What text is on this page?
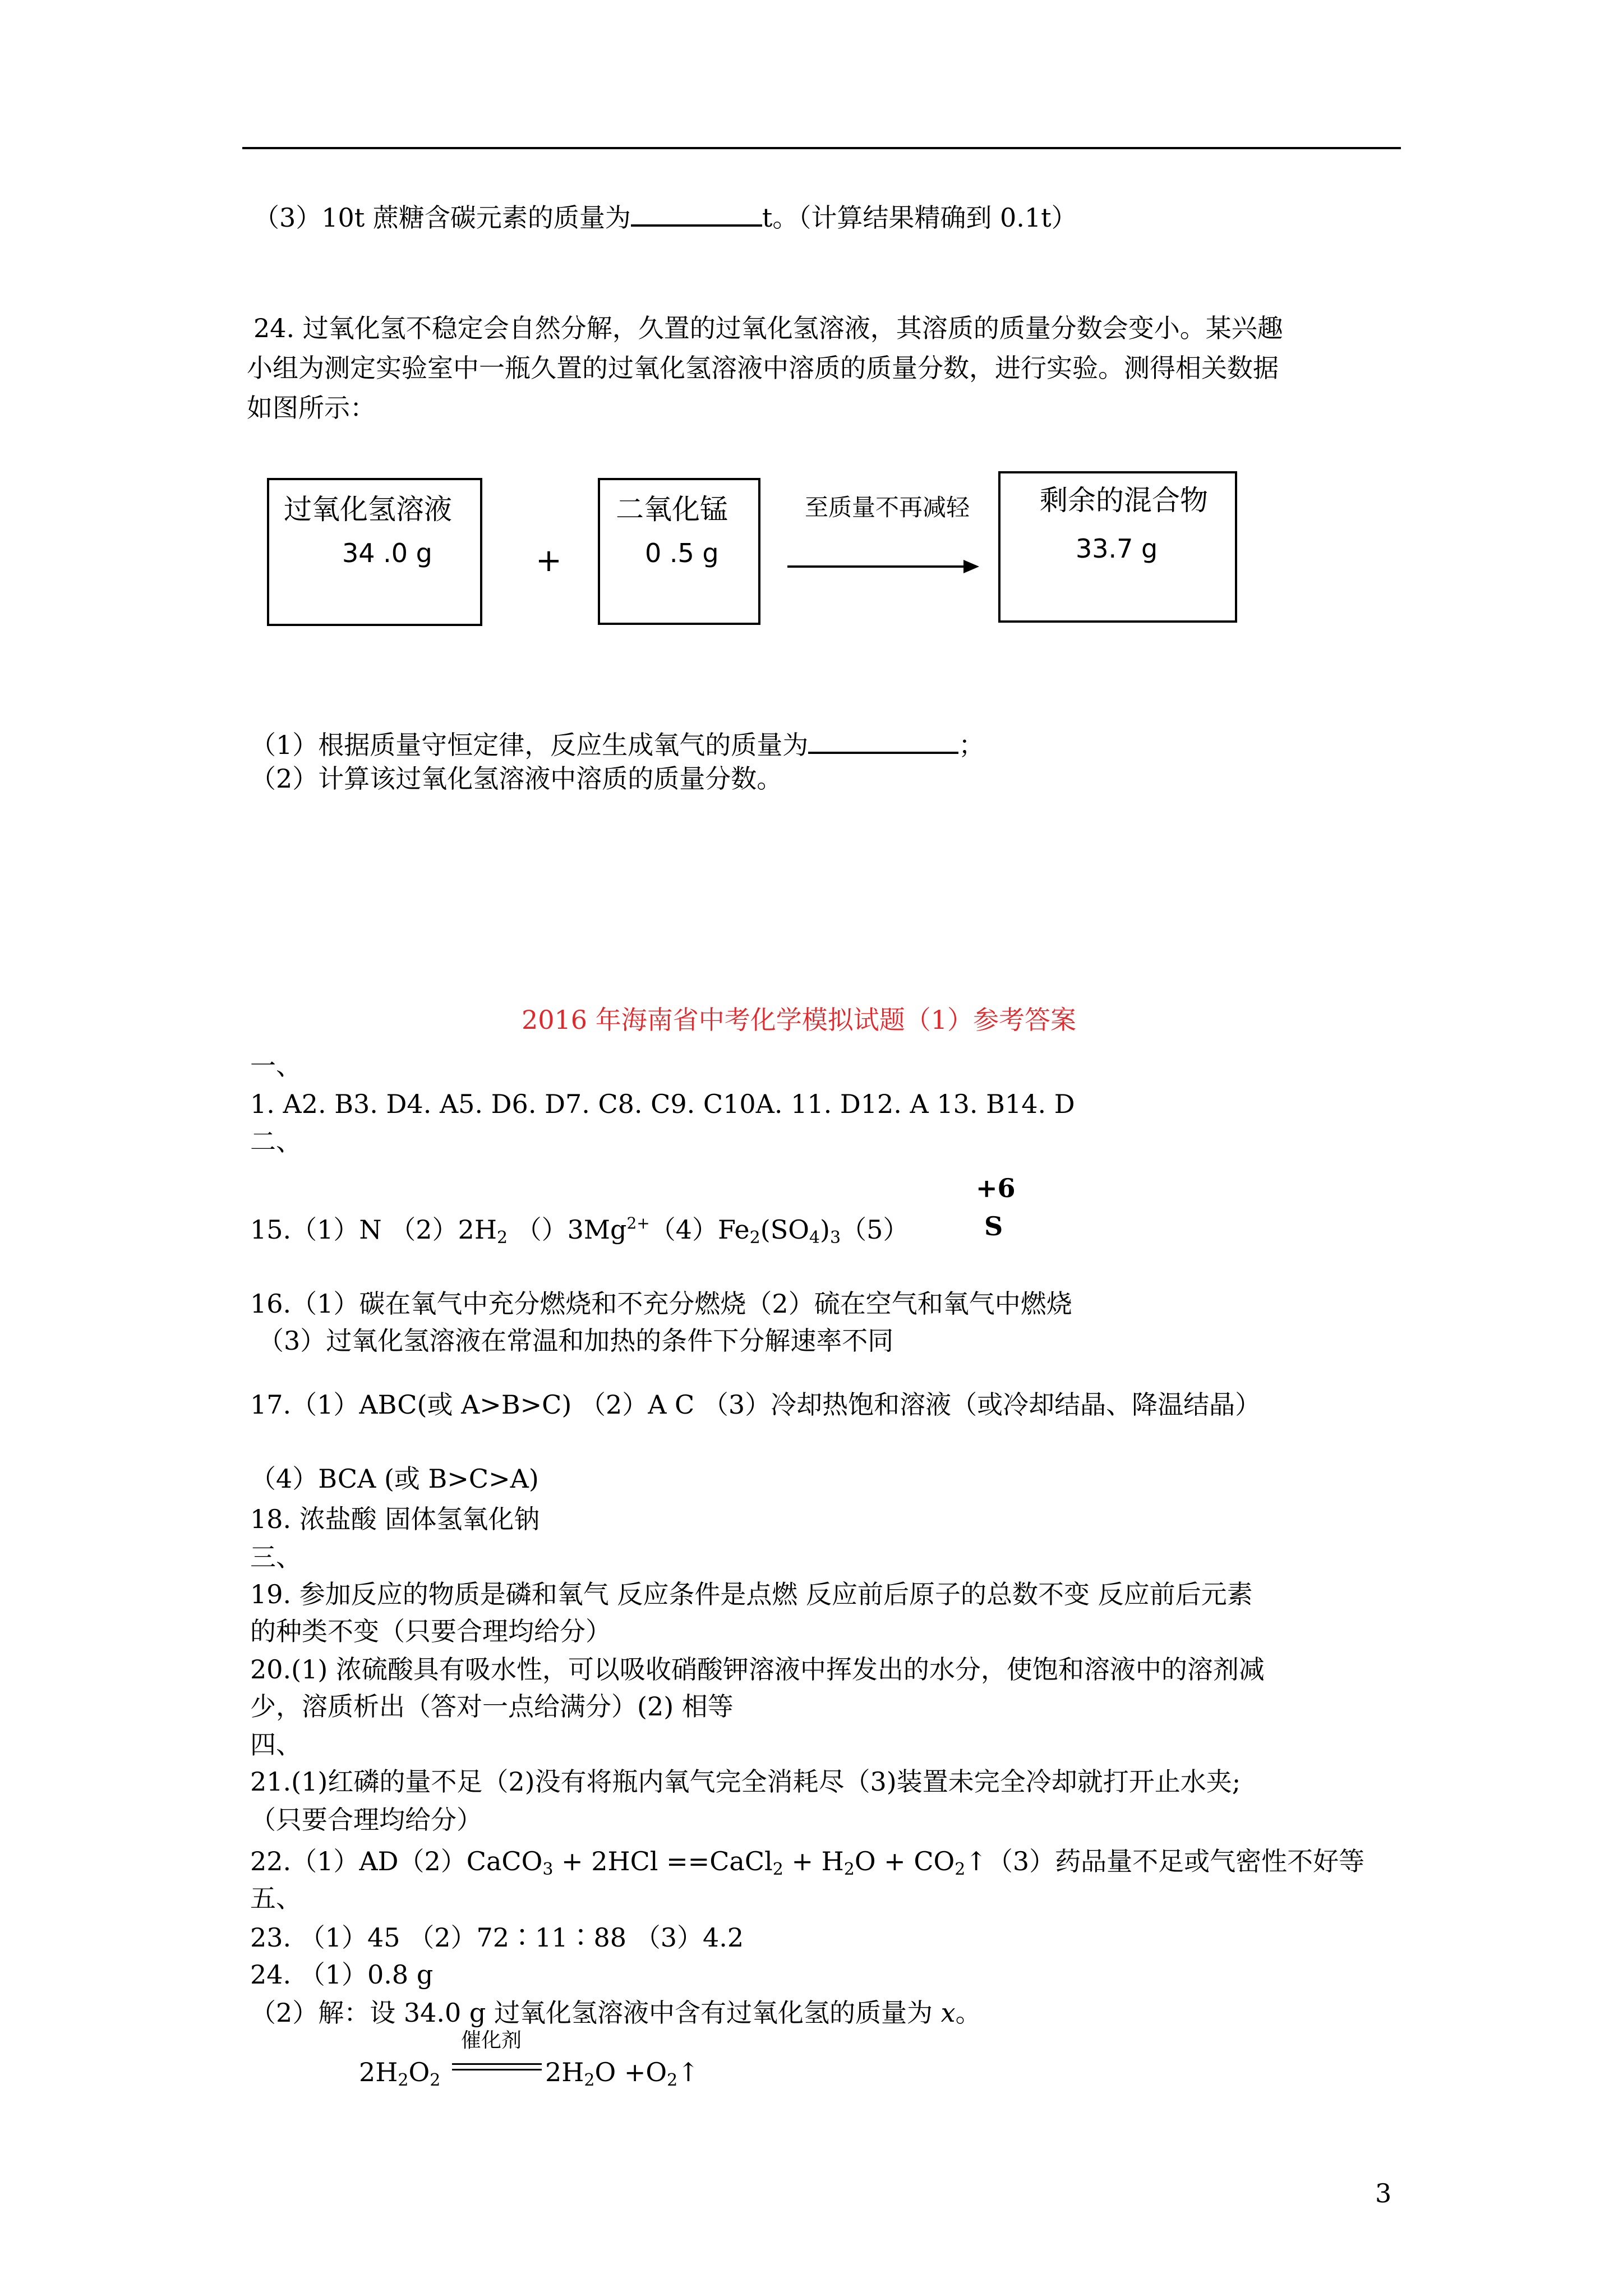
（3）10t 蔗糖含碳元素的质量为	t。（计算结果精确到 0.1t）
24. 过氧化氢不稳定会自然分解，久置的过氧化氢溶液，其溶质的质量分数会变小。某兴趣
小组为测定实验室中一瓶久置的过氧化氢溶液中溶质的质量分数，进行实验。测得相关数据
如图所示：
过氧化氢溶液
34 .0 g	+
二氧化锰
0 .5 g
至质量不再减轻 剩余的混合物
33.7 g
（1）根据质量守恒定律，反应生成氧气的质量为	；
（2）计算该过氧化氢溶液中溶质的质量分数。
2016 年海南省中考化学模拟试题（1）参考答案
一、
1. A2. B3. D4. A5. D6. D7. C8. C9. C10A. 11. D12. A 13. B14. D
二、
15.（1）N $(2)2H_2$ $()3Mg^{2+}(4)Fe_2(SO_4)_3(5)$
+6
S
16.（1）碳在氧气中充分燃烧和不充分燃烧（2）硫在空气和氧气中燃烧
（3）过氧化氢溶液在常温和加热的条件下分解速率不同
17.（1）ABC(或 A>B>C) （2）A C （3）冷却热饱和溶液（或冷却结晶、降温结晶）
（4）BCA (或 B>C>A)
18. 浓盐酸 固体氢氧化钠
三、
19. 参加反应的物质是磷和氧气 反应条件是点燃 反应前后原子的总数不变 反应前后元素
的种类不变（只要合理均给分）
20.(1) 浓硫酸具有吸水性，可以吸收硝酸钾溶液中挥发出的水分，使饱和溶液中的溶剂减
少，溶质析出（答对一点给满分）(2) 相等
四、
21.(1)红磷的量不足（2)没有将瓶内氧气完全消耗尽（3)装置未完全冷却就打开止水夹;
（只要合理均给分）
22.（1）AD（2）CaCO$_3$ + 2HCl ==CaCl$_2$ + $H_2O$ + $CO_2↑(3)$药品量不足或气密性不好等
五、
23. （1）45 （2）72∶11∶88 （3）4.2
24. （1）0.8 g
（2）解：设 34.0 g 过氧化氢溶液中含有过氧化氢的质量为 x。
$2H_2O_2$
催化剂
$2H_2O$ $+O_2↑$
3
